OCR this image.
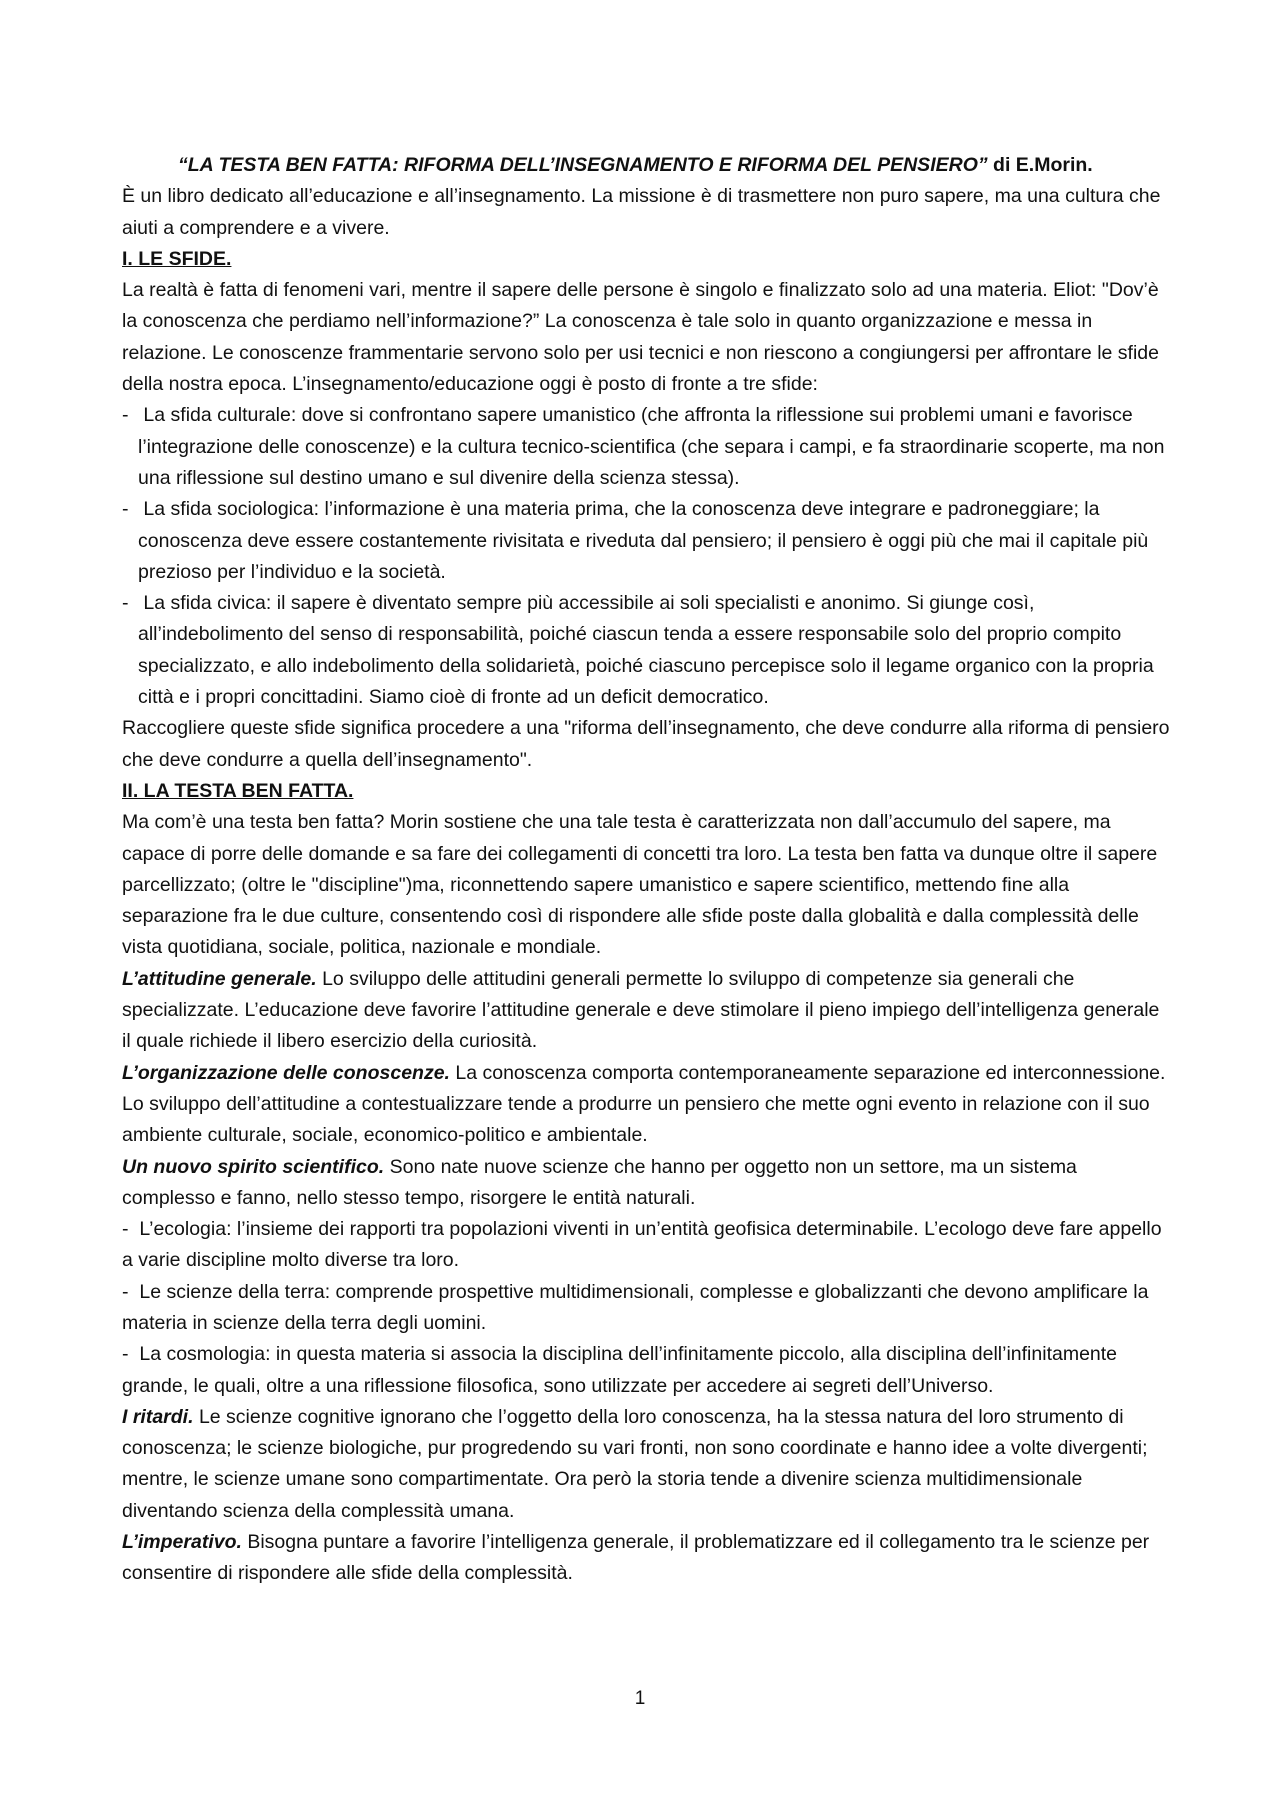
“LA TESTA BEN FATTA: RIFORMA DELL’INSEGNAMENTO E RIFORMA DEL PENSIERO” di E.Morin.

È un libro dedicato all’educazione e all’insegnamento. La missione è di trasmettere non puro sapere, ma una cultura che aiuti a comprendere e a vivere.

I. LE SFIDE.

La realtà è fatta di fenomeni vari, mentre il sapere delle persone è singolo e finalizzato solo ad una materia. Eliot: "Dov’è la conoscenza che perdiamo nell’informazione?” La conoscenza è tale solo in quanto organizzazione e messa in relazione. Le conoscenze frammentarie servono solo per usi tecnici e non riescono a congiungersi per affrontare le sfide della nostra epoca. L’insegnamento/educazione oggi è posto di fronte a tre sfide:

- La sfida culturale: dove si confrontano sapere umanistico (che affronta la riflessione sui problemi umani e favorisce l’integrazione delle conoscenze) e la cultura tecnico-scientifica (che separa i campi, e fa straordinarie scoperte, ma non una riflessione sul destino umano e sul divenire della scienza stessa).

- La sfida sociologica: l’informazione è una materia prima, che la conoscenza deve integrare e padroneggiare; la conoscenza deve essere costantemente rivisitata e riveduta dal pensiero; il pensiero è oggi più che mai il capitale più prezioso per l’individuo e la società.

- La sfida civica: il sapere è diventato sempre più accessibile ai soli specialisti e anonimo. Si giunge così, all’indebolimento del senso di responsabilità, poiché ciascun tenda a essere responsabile solo del proprio compito specializzato, e allo indebolimento della solidarietà, poiché ciascuno percepisce solo il legame organico con la propria città e i propri concittadini. Siamo cioè di fronte ad un deficit democratico.

Raccogliere queste sfide significa procedere a una "riforma dell’insegnamento, che deve condurre alla riforma di pensiero che deve condurre a quella dell’insegnamento".

II. LA TESTA BEN FATTA.

Ma com’è una testa ben fatta? Morin sostiene che una tale testa è caratterizzata non dall’accumulo del sapere, ma capace di porre delle domande e sa fare dei collegamenti di concetti tra loro. La testa ben fatta va dunque oltre il sapere parcellizzato; (oltre le "discipline")ma, riconnettendo sapere umanistico e sapere scientifico, mettendo fine alla separazione fra le due culture, consentendo così di rispondere alle sfide poste dalla globalità e dalla complessità delle vista quotidiana, sociale, politica, nazionale e mondiale.

L’attitudine generale. Lo sviluppo delle attitudini generali permette lo sviluppo di competenze sia generali che specializzate. L’educazione deve favorire l’attitudine generale e deve stimolare il pieno impiego dell’intelligenza generale il quale richiede il libero esercizio della curiosità.

L’organizzazione delle conoscenze. La conoscenza comporta contemporaneamente separazione ed interconnessione. Lo sviluppo dell’attitudine a contestualizzare tende a produrre un pensiero che mette ogni evento in relazione con il suo ambiente culturale, sociale, economico-politico e ambientale.

Un nuovo spirito scientifico. Sono nate nuove scienze che hanno per oggetto non un settore, ma un sistema complesso e fanno, nello stesso tempo, risorgere le entità naturali.

-  L’ecologia: l’insieme dei rapporti tra popolazioni viventi in un’entità geofisica determinabile. L’ecologo deve fare appello a varie discipline molto diverse tra loro.

-  Le scienze della terra: comprende prospettive multidimensionali, complesse e globalizzanti che devono amplificare la materia in scienze della terra degli uomini.

-  La cosmologia: in questa materia si associa la disciplina dell’infinitamente piccolo, alla disciplina dell’infinitamente grande, le quali, oltre a una riflessione filosofica, sono utilizzate per accedere ai segreti dell’Universo.

I ritardi. Le scienze cognitive ignorano che l’oggetto della loro conoscenza, ha la stessa natura del loro strumento di conoscenza; le scienze biologiche, pur progredendo su vari fronti, non sono coordinate e hanno idee a volte divergenti; mentre, le scienze umane sono compartimentate. Ora però la storia tende a divenire scienza multidimensionale diventando scienza della complessità umana.

L’imperativo. Bisogna puntare a favorire l’intelligenza generale, il problematizzare ed il collegamento tra le scienze per consentire di rispondere alle sfide della complessità.

1
